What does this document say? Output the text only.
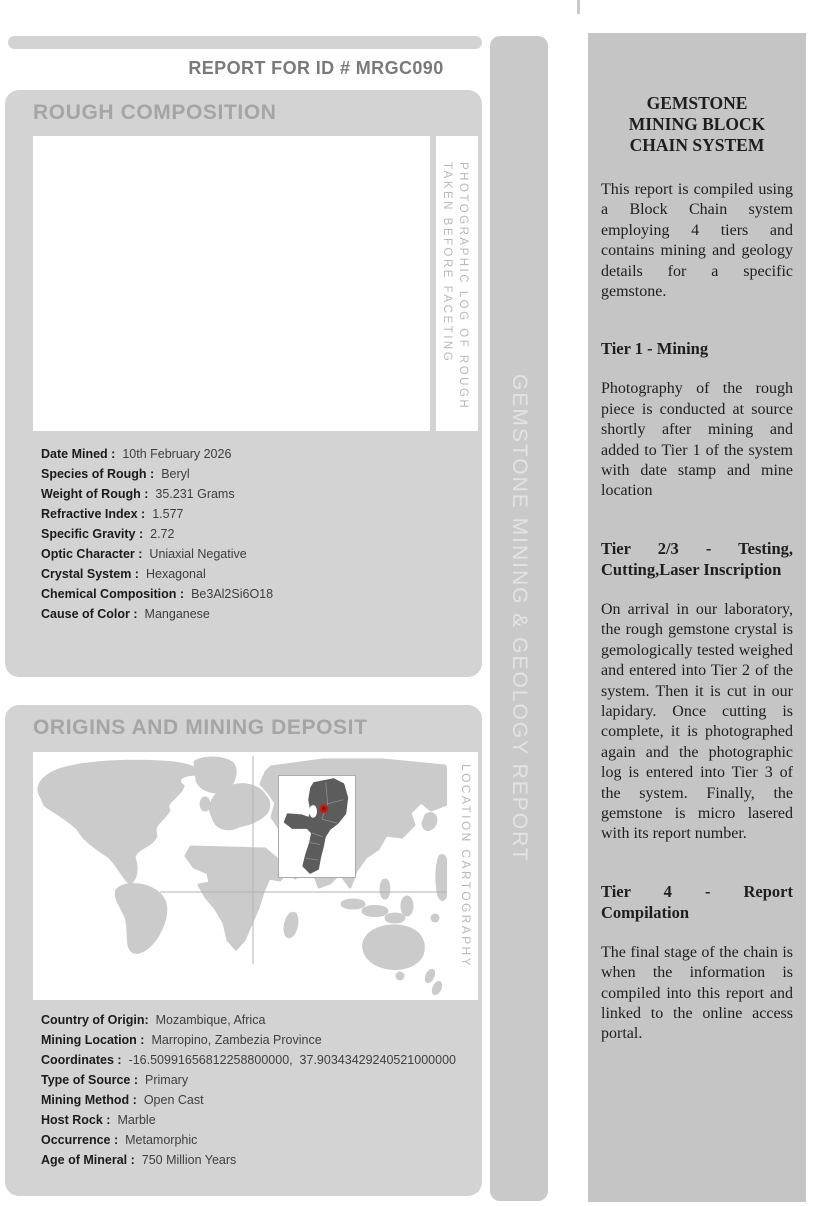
REPORT FOR ID # MRGC090
ROUGH COMPOSITION
PHOTOGRAPHIC LOG OF ROUGH
TAKEN BEFORE FACETING
Date Mined : 10th February 2026
Species of Rough : Beryl
Weight of Rough : 35.231 Grams
Refractive Index : 1.577
Specific Gravity : 2.72
Optic Character : Uniaxial Negative
Crystal System : Hexagonal
Chemical Composition : Be3Al2Si6O18
Cause of Color : Manganese
ORIGINS AND MINING DEPOSIT
LOCATION CARTOGRAPHY
Country of Origin: Mozambique, Africa
Mining Location : Marropino, Zambezia Province
Coordinates : -16.50991656812258800000,  37.90343429240521000000
Type of Source : Primary
Mining Method : Open Cast
Host Rock : Marble
Occurrence : Metamorphic
Age of Mineral : 750 Million Years
GEMSTONE MINING & GEOLOGY REPORT
GEMSTONE MINING BLOCK CHAIN SYSTEM

This report is compiled using a Block Chain system employing 4 tiers and contains mining and geology details for a specific gemstone.

Tier 1 - Mining

Photography of the rough piece is conducted at source shortly after mining and added to Tier 1 of the system with date stamp and mine location

Tier 2/3 - Testing, Cutting,Laser Inscription

On arrival in our laboratory, the rough gemstone crystal is gemologically tested weighed and entered into Tier 2 of the system. Then it is cut in our lapidary. Once cutting is complete, it is photographed again and the photographic log is entered into Tier 3 of the system. Finally, the gemstone is micro lasered with its report number.

Tier 4 - Report Compilation

The final stage of the chain is when the information is compiled into this report and linked to the online access portal.
